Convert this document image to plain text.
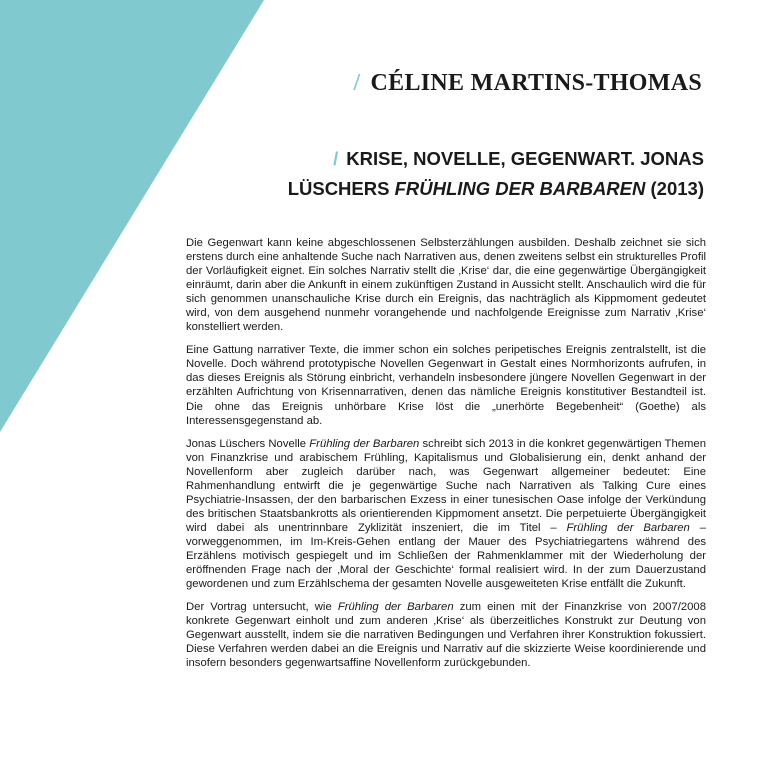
/ CÉLINE MARTINS-THOMAS
/ KRISE, NOVELLE, GEGENWART. JONAS
LÜSCHERS FRÜHLING DER BARBAREN (2013)

Die Gegenwart kann keine abgeschlossenen Selbsterzählungen ausbilden. Deshalb zeichnet sie sich erstens durch eine anhaltende Suche nach Narrativen aus, denen zweitens selbst ein strukturelles Profil der Vorläufigkeit eignet. Ein solches Narrativ stellt die ‚Krise‘ dar, die eine gegenwärtige Übergängigkeit einräumt, darin aber die Ankunft in einem zukünftigen Zustand in Aussicht stellt. Anschaulich wird die für sich genommen unanschauliche Krise durch ein Ereignis, das nachträglich als Kippmoment gedeutet wird, von dem ausgehend nunmehr vorangehende und nachfolgende Ereignisse zum Narrativ ‚Krise‘ konstelliert werden.

Eine Gattung narrativer Texte, die immer schon ein solches peripetisches Ereignis zentralstellt, ist die Novelle. Doch während prototypische Novellen Gegenwart in Gestalt eines Normhorizonts aufrufen, in das dieses Ereignis als Störung einbricht, verhandeln insbesondere jüngere Novellen Gegenwart in der erzählten Aufrichtung von Krisennarrativen, denen das nämliche Ereignis konstitutiver Bestandteil ist. Die ohne das Ereignis unhörbare Krise löst die „unerhörte Begebenheit“ (Goethe) als Interessensgegenstand ab.

Jonas Lüschers Novelle Frühling der Barbaren schreibt sich 2013 in die konkret gegenwärtigen Themen von Finanzkrise und arabischem Frühling, Kapitalismus und Globalisierung ein, denkt anhand der Novellenform aber zugleich darüber nach, was Gegenwart allgemeiner bedeutet: Eine Rahmenhandlung entwirft die je gegenwärtige Suche nach Narrativen als Talking Cure eines Psychiatrie-Insassen, der den barbarischen Exzess in einer tunesischen Oase infolge der Verkündung des britischen Staatsbankrotts als orientierenden Kippmoment ansetzt. Die perpetuierte Übergängigkeit wird dabei als unentrinnbare Zyklizität inszeniert, die im Titel – Frühling der Barbaren – vorweggenommen, im Im-Kreis-Gehen entlang der Mauer des Psychiatriegartens während des Erzählens motivisch gespiegelt und im Schließen der Rahmenklammer mit der Wiederholung der eröffnenden Frage nach der ‚Moral der Geschichte‘ formal realisiert wird. In der zum Dauerzustand gewordenen und zum Erzählschema der gesamten Novelle ausgeweiteten Krise entfällt die Zukunft.

Der Vortrag untersucht, wie Frühling der Barbaren zum einen mit der Finanzkrise von 2007/2008 konkrete Gegenwart einholt und zum anderen ‚Krise‘ als überzeitliches Konstrukt zur Deutung von Gegenwart ausstellt, indem sie die narrativen Bedingungen und Verfahren ihrer Konstruktion fokussiert. Diese Verfahren werden dabei an die Ereignis und Narrativ auf die skizzierte Weise koordinierende und insofern besonders gegenwartsaffine Novellenform zurückgebunden.
